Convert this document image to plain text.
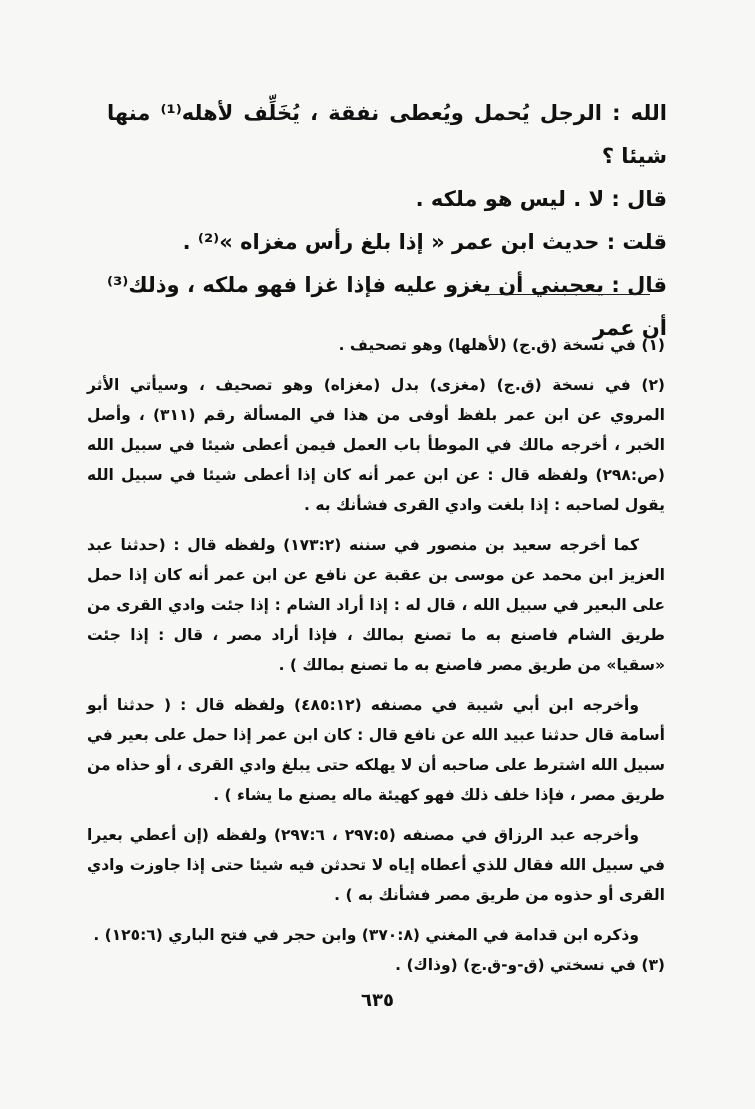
الله : الرجل يُحمل ويُعطى نفقة ، يُخَلِّف لأهله⁽¹⁾ منها شيئا ؟

قال : لا . ليس هو ملكه .

قلت : حديث ابن عمر « إذا بلغ رأس مغزاه »⁽²⁾ .

قال : يعجبني أن يغزو عليه فإذا غزا فهو ملكه ، وذلك⁽³⁾ أن عمر

(١) في نسخة (ق.ج) (لأهلها) وهو تصحيف .

(٢) في نسخة (ق.ج) (مغزى) بدل (مغزاه) وهو تصحيف ، وسيأتي الأثر المروي عن ابن عمر بلفظ أوفى من هذا في المسألة رقم (٣١١) ، وأصل الخبر ، أخرجه مالك في الموطأ باب العمل فيمن أعطى شيئا في سبيل الله (ص:٢٩٨) ولفظه قال : عن ابن عمر أنه كان إذا أعطى شيئا في سبيل الله يقول لصاحبه : إذا بلغت وادي القرى فشأنك به .

كما أخرجه سعيد بن منصور في سننه (١٧٣:٢) ولفظه قال : (حدثنا عبد العزيز ابن محمد عن موسى بن عقبة عن نافع عن ابن عمر أنه كان إذا حمل على البعير في سبيل الله ، قال له : إذا أراد الشام : إذا جئت وادي القرى من طريق الشام فاصنع به ما تصنع بمالك ، فإذا أراد مصر ، قال : إذا جئت «سقيا» من طريق مصر فاصنع به ما تصنع بمالك ) .

وأخرجه ابن أبي شيبة في مصنفه (٤٨٥:١٢) ولفظه قال : ( حدثنا أبو أسامة قال حدثنا عبيد الله عن نافع قال : كان ابن عمر إذا حمل على بعير في سبيل الله اشترط على صاحبه أن لا يهلكه حتى يبلغ وادي القرى ، أو حذاه من طريق مصر ، فإذا خلف ذلك فهو كهيئة ماله يصنع ما يشاء ) .

وأخرجه عبد الرزاق في مصنفه (٢٩٧:٥ ، ٢٩٧:٦) ولفظه (إن أعطي بعيرا في سبيل الله فقال للذي أعطاه إياه لا تحدثن فيه شيئا حتى إذا جاوزت وادي القرى أو حذوه من طريق مصر فشأنك به ) .

وذكره ابن قدامة في المغني (٣٧٠:٨) وابن حجر في فتح الباري (١٢٥:٦) .

(٣) في نسختي (ق-و-ق.ج) (وذاك) .

٦٣٥
